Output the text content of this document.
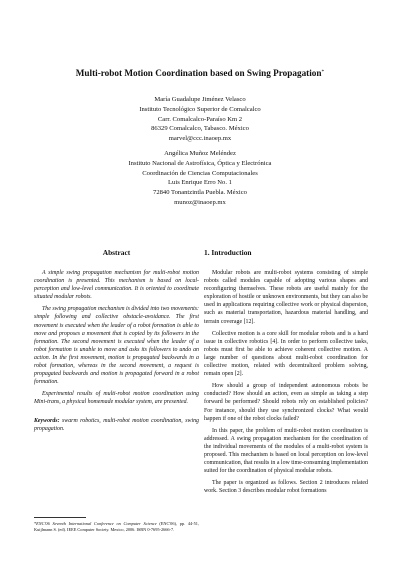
Multi-robot Motion Coordination based on Swing Propagation*
María Guadalupe Jiménez Velasco
Instituto Tecnológico Superior de Comalcalco
Carr. Comalcalco-Paraíso Km 2
86329 Comalcalco, Tabasco. México
marvel@ccc.inaoep.mx
Angélica Muñoz Meléndez
Instituto Nacional de Astrofísica, Óptica y Electrónica
Coordinación de Ciencias Computacionales
Luis Enrique Erro No. 1
72840 Tonantzintla Puebla. México
munoz@inaoep.mx
Abstract

A simple swing propagation mechanism for multi-robot motion coordination is presented. This mechanism is based on local-perception and low-level communication. It is oriented to coordinate situated modular robots.

The swing propagation mechanism is divided into two movements: simple following and collective obstacle-avoidance. The first movement is executed when the leader of a robot formation is able to move and proposes a movement that is copied by its followers in the formation. The second movement is executed when the leader of a robot formation is unable to move and asks its followers to undo an action. In the first movement, motion is propagated backwards in a robot formation, whereas in the second movement, a request is propagated backwards and motion is propagated forward in a robot formation.

Experimental results of multi-robot motion coordination using Mini-trans, a physical homemade modular system, are presented.

Keywords: swarm robotics, multi-robot motion coordination, swing propagation.
1. Introduction

Modular robots are multi-robot systems consisting of simple robots called modules capable of adopting various shapes and reconfiguring themselves. These robots are useful mainly for the exploration of hostile or unknown environments, but they can also be used in applications requiring collective work or physical dispersion, such as material transportation, hazardous material handling, and terrain coverage [12].

Collective motion is a core skill for modular robots and is a hard issue in collective robotics [4]. In order to perform collective tasks, robots must first be able to achieve coherent collective motion. A large number of questions about multi-robot coordination for collective motion, related with decentralized problem solving, remain open [2].

How should a group of independent autonomous robots be conducted? How should an action, even as simple as taking a step forward be performed? Should robots rely on established policies? For instance, should they use synchronized clocks? What would happen if one of the robot clocks failed?

In this paper, the problem of multi-robot motion coordination is addressed. A swing propagation mechanism for the coordination of the individual movements of the modules of a multi-robot system is proposed. This mechanism is based on local perception on low-level communication, that results in a low time-consuming implementation suited for the coordination of physical modular robots.

The paper is organized as follows. Section 2 introduces related work. Section 3 describes modular robot formations

*ENC'06 Seventh International Conference on Computer Science (ENC'06), pp. 44-51, Kuijlmann S. (ed). IEEE Computer Society. Mexico, 2006. ISBN 0-7695-2666-7.
